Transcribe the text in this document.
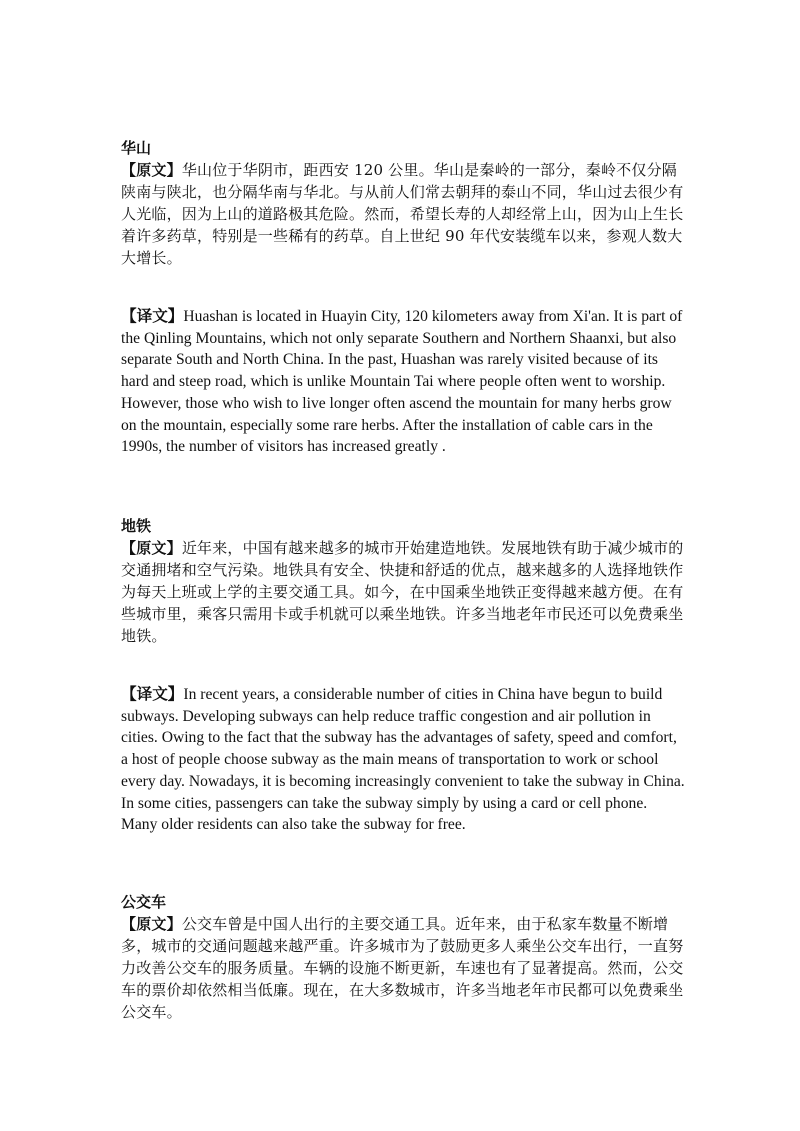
华山

【原文】华山位于华阴市，距西安 120 公里。华山是秦岭的一部分，秦岭不仅分隔陕南与陕北，也分隔华南与华北。与从前人们常去朝拜的泰山不同，华山过去很少有人光临，因为上山的道路极其危险。然而，希望长寿的人却经常上山，因为山上生长着许多药草，特别是一些稀有的药草。自上世纪 90 年代安装缆车以来，参观人数大大增长。

【译文】Huashan is located in Huayin City, 120 kilometers away from Xi'an. It is part of the Qinling Mountains, which not only separate Southern and Northern Shaanxi, but also separate South and North China. In the past, Huashan was rarely visited because of its hard and steep road, which is unlike Mountain Tai where people often went to worship. However, those who wish to live longer often ascend the mountain for many herbs grow on the mountain, especially some rare herbs. After the installation of cable cars in the 1990s, the number of visitors has increased greatly .

地铁

【原文】近年来，中国有越来越多的城市开始建造地铁。发展地铁有助于减少城市的交通拥堵和空气污染。地铁具有安全、快捷和舒适的优点，越来越多的人选择地铁作为每天上班或上学的主要交通工具。如今，在中国乘坐地铁正变得越来越方便。在有些城市里，乘客只需用卡或手机就可以乘坐地铁。许多当地老年市民还可以免费乘坐地铁。

【译文】In recent years, a considerable number of cities in China have begun to build subways. Developing subways can help reduce traffic congestion and air pollution in cities. Owing to the fact that the subway has the advantages of safety, speed and comfort, a host of people choose subway as the main means of transportation to work or school every day. Nowadays, it is becoming increasingly convenient to take the subway in China. In some cities, passengers can take the subway simply by using a card or cell phone. Many older residents can also take the subway for free.

公交车

【原文】公交车曾是中国人出行的主要交通工具。近年来，由于私家车数量不断增多，城市的交通问题越来越严重。许多城市为了鼓励更多人乘坐公交车出行，一直努力改善公交车的服务质量。车辆的设施不断更新，车速也有了显著提高。然而，公交车的票价却依然相当低廉。现在，在大多数城市，许多当地老年市民都可以免费乘坐公交车。
